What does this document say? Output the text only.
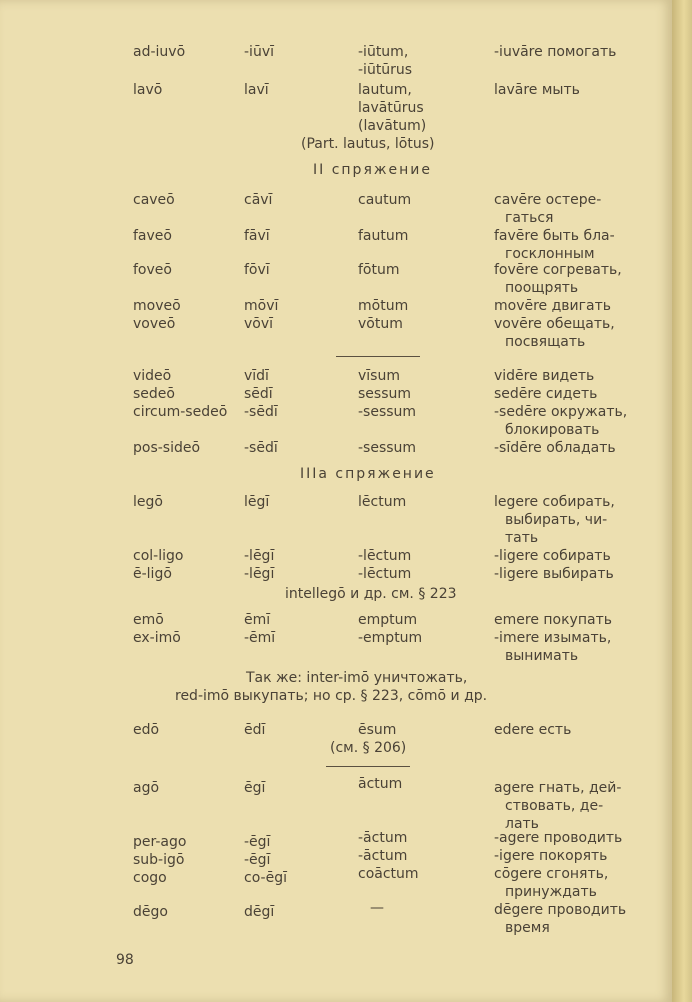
ad-iuvō	-iūvī	-iūtum,	-iuvāre помогать
-iūtūrus
lavō	lavī	lautum,	lavāre мыть
lavātūrus
(lavātum)
(Part. lautus, lōtus)
II спряжение
caveō	cāvī	cautum	cavēre остере-
гаться
faveō	fāvī	fautum	favēre быть бла-
госклонным
foveō	fōvī	fōtum	fovēre согревать,
поощрять
moveō	mōvī	mōtum	movēre двигать
voveō	vōvī	vōtum	vovēre обещать,
посвящать
videō	vīdī	vīsum	vidēre видеть
sedeō	sēdī	sessum	sedēre сидеть
circum-sedeō -sēdī	-sessum	-sedēre окружать,
блокировать
pos-sideō	-sēdī	-sessum	-sīdēre обладать
IIIa спряжение
legō	lēgī	lēctum	legere собирать,
выбирать, чи-
тать
col-ligo	-lēgī	-lēctum	-ligere собирать
ē-ligō	-lēgī	-lēctum	-ligere выбирать
intellegō и др. см. § 223
emō	ēmī	emptum	emere покупать
ex-imō	-ēmī	-emptum	-imere изымать,
вынимать
Так же: inter-imō уничтожать,
red-imō выкупать; но ср. § 223, cōmō и др.
edō	ēdī	ēsum	edere есть
(см. § 206)
agō	ēgī	āctum	agere гнать, дей-
ствовать, де-
лать
per-ago	-ēgī	-āctum	-agere проводить
sub-igō	-ēgī	-āctum	-igere покорять
cogo	co-ēgī	coāctum	cōgere сгонять,
принуждать
dēgo	dēgī	—	dēgere проводить
время
98
